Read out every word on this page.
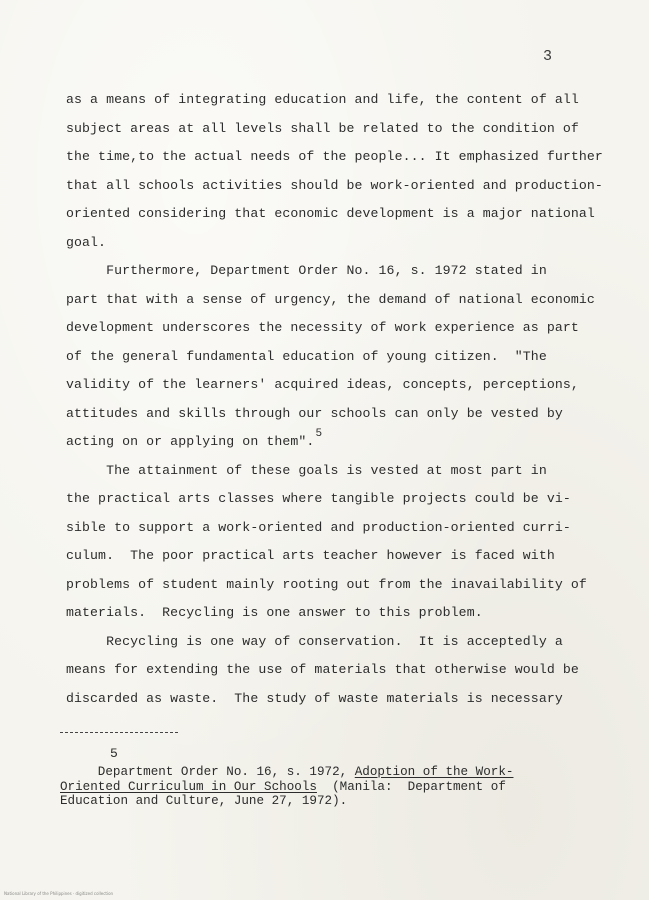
3
as a means of integrating education and life, the content of all
subject areas at all levels shall be related to the condition of
the time,to the actual needs of the people... It emphasized further
that all schools activities should be work-oriented and production-
oriented considering that economic development is a major national
goal.
Furthermore, Department Order No. 16, s. 1972 stated in
part that with a sense of urgency, the demand of national economic
development underscores the necessity of work experience as part
of the general fundamental education of young citizen.  "The
validity of the learners' acquired ideas, concepts, perceptions,
attitudes and skills through our schools can only be vested by
acting on or applying on them".$^5$
The attainment of these goals is vested at most part in
the practical arts classes where tangible projects could be vi-
sible to support a work-oriented and production-oriented curri-
culum.  The poor practical arts teacher however is faced with
problems of student mainly rooting out from the inavailability of
materials.  Recycling is one answer to this problem.
Recycling is one way of conservation.  It is acceptedly a
means for extending the use of materials that otherwise would be
discarded as waste.  The study of waste materials is necessary
5
Department Order No. 16, s. 1972, Adoption of the Work-
Oriented Curriculum in Our Schools  (Manila:  Department of
Education and Culture, June 27, 1972).
National Library of the Philippines · digitized collection
